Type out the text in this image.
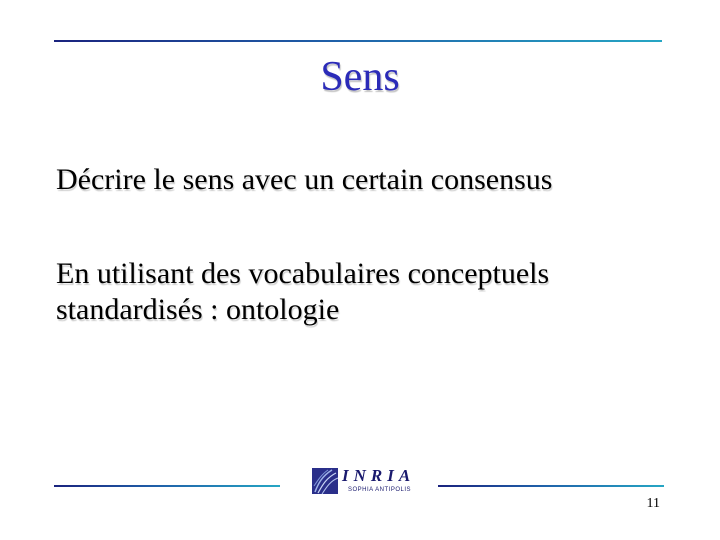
Sens
Décrire le sens avec un certain consensus
En utilisant des vocabulaires conceptuels standardisés : ontologie
INRIA
SOPHIA ANTIPOLIS
11
